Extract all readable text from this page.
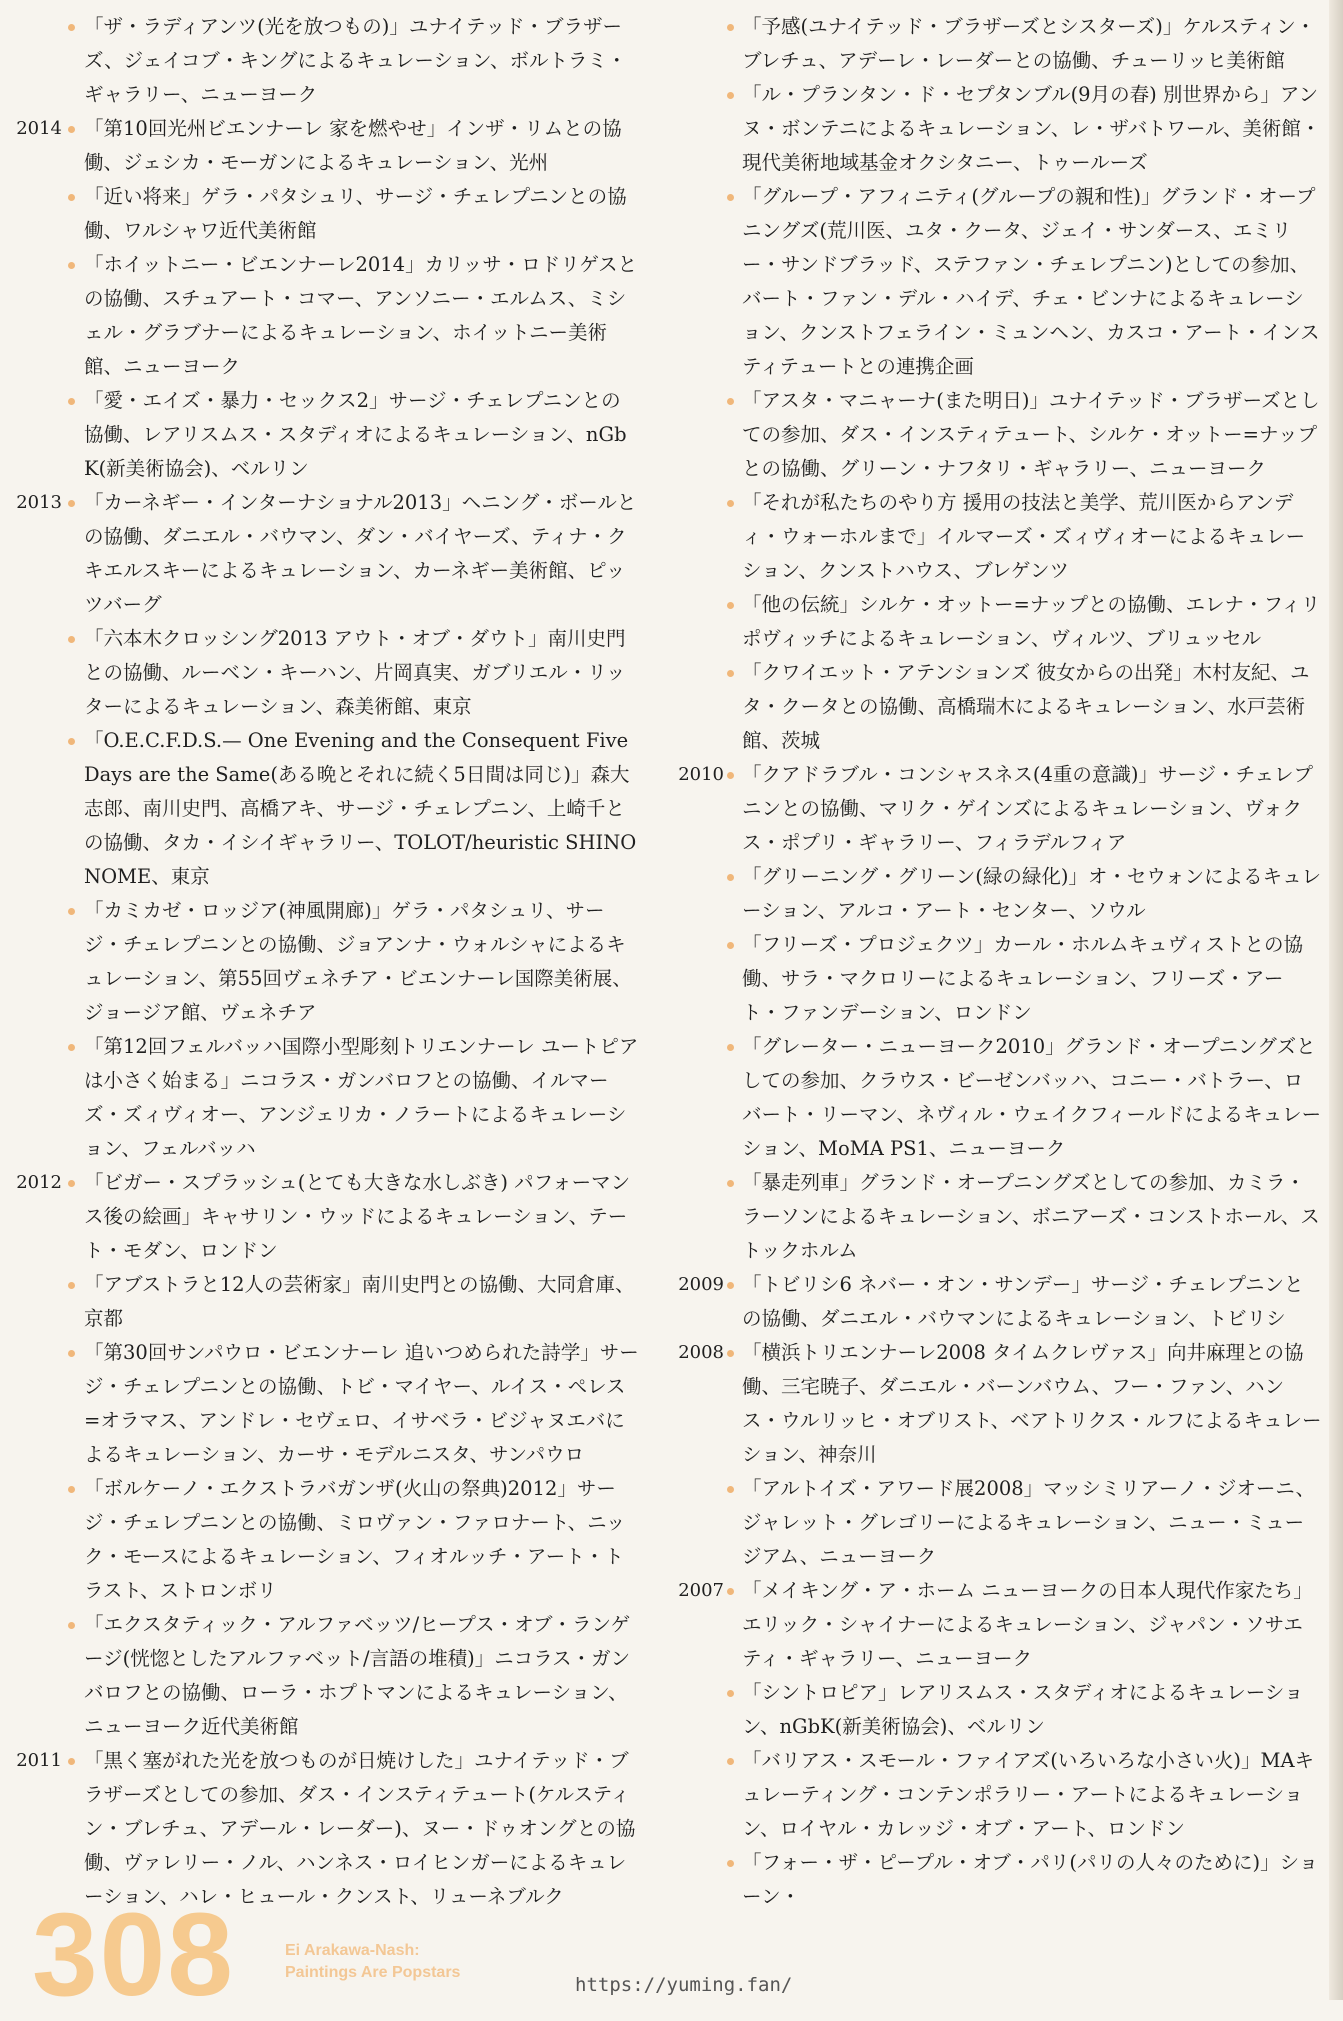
「ザ・ラディアンツ(光を放つもの)」ユナイテッド・ブラザーズ、ジェイコブ・キングによるキュレーション、ボルトラミ・ギャラリー、ニューヨーク
2014 「第10回光州ビエンナーレ 家を燃やせ」インザ・リムとの協働、ジェシカ・モーガンによるキュレーション、光州
「近い将来」ゲラ・パタシュリ、サージ・チェレプニンとの協働、ワルシャワ近代美術館
「ホイットニー・ビエンナーレ2014」カリッサ・ロドリゲスとの協働、スチュアート・コマー、アンソニー・エルムス、ミシェル・グラブナーによるキュレーション、ホイットニー美術館、ニューヨーク
「愛・エイズ・暴力・セックス2」サージ・チェレプニンとの協働、レアリスムス・スタディオによるキュレーション、nGbK(新美術協会)、ベルリン
2013 「カーネギー・インターナショナル2013」ヘニング・ボールとの協働、ダニエル・バウマン、ダン・バイヤーズ、ティナ・クキエルスキーによるキュレーション、カーネギー美術館、ピッツバーグ
「六本木クロッシング2013 アウト・オブ・ダウト」南川史門との協働、ルーベン・キーハン、片岡真実、ガブリエル・リッターによるキュレーション、森美術館、東京
「O.E.C.F.D.S.— One Evening and the Consequent Five Days are the Same(ある晩とそれに続く5日間は同じ)」森大志郎、南川史門、高橋アキ、サージ・チェレプニン、上崎千との協働、タカ・イシイギャラリー、TOLOT/heuristic SHINONOME、東京
「カミカゼ・ロッジア(神風開廊)」ゲラ・パタシュリ、サージ・チェレプニンとの協働、ジョアンナ・ウォルシャによるキュレーション、第55回ヴェネチア・ビエンナーレ国際美術展、ジョージア館、ヴェネチア
「第12回フェルバッハ国際小型彫刻トリエンナーレ ユートピアは小さく始まる」ニコラス・ガンバロフとの協働、イルマーズ・ズィヴィオー、アンジェリカ・ノラートによるキュレーション、フェルバッハ
2012 「ビガー・スプラッシュ(とても大きな水しぶき) パフォーマンス後の絵画」キャサリン・ウッドによるキュレーション、テート・モダン、ロンドン
「アブストラと12人の芸術家」南川史門との協働、大同倉庫、京都
「第30回サンパウロ・ビエンナーレ 追いつめられた詩学」サージ・チェレプニンとの協働、トビ・マイヤー、ルイス・ペレス=オラマス、アンドレ・セヴェロ、イサベラ・ビジャヌエバによるキュレーション、カーサ・モデルニスタ、サンパウロ
「ボルケーノ・エクストラバガンザ(火山の祭典)2012」サージ・チェレプニンとの協働、ミロヴァン・ファロナート、ニック・モースによるキュレーション、フィオルッチ・アート・トラスト、ストロンボリ
「エクスタティック・アルファベッツ/ヒープス・オブ・ランゲージ(恍惚としたアルファベット/言語の堆積)」ニコラス・ガンバロフとの協働、ローラ・ホプトマンによるキュレーション、ニューヨーク近代美術館
2011 「黒く塞がれた光を放つものが日焼けした」ユナイテッド・ブラザーズとしての参加、ダス・インスティテュート(ケルスティン・ブレチュ、アデール・レーダー)、ヌー・ドゥオングとの協働、ヴァレリー・ノル、ハンネス・ロイヒンガーによるキュレーション、ハレ・ヒュール・クンスト、リューネブルク
「予感(ユナイテッド・ブラザーズとシスターズ)」ケルスティン・ブレチュ、アデーレ・レーダーとの協働、チューリッヒ美術館
「ル・プランタン・ド・セプタンブル(9月の春) 別世界から」アンヌ・ボンテニによるキュレーション、レ・ザバトワール、美術館・現代美術地域基金オクシタニー、トゥールーズ
「グループ・アフィニティ(グループの親和性)」グランド・オープニングズ(荒川医、ユタ・クータ、ジェイ・サンダース、エミリー・サンドブラッド、ステファン・チェレプニン)としての参加、バート・ファン・デル・ハイデ、チェ・ビンナによるキュレーション、クンストフェライン・ミュンヘン、カスコ・アート・インスティテュートとの連携企画
「アスタ・マニャーナ(また明日)」ユナイテッド・ブラザーズとしての参加、ダス・インスティテュート、シルケ・オットー=ナップとの協働、グリーン・ナフタリ・ギャラリー、ニューヨーク
「それが私たちのやり方 援用の技法と美学、荒川医からアンディ・ウォーホルまで」イルマーズ・ズィヴィオーによるキュレーション、クンストハウス、ブレゲンツ
「他の伝統」シルケ・オットー=ナップとの協働、エレナ・フィリポヴィッチによるキュレーション、ヴィルツ、ブリュッセル
「クワイエット・アテンションズ 彼女からの出発」木村友紀、ユタ・クータとの協働、高橋瑞木によるキュレーション、水戸芸術館、茨城
2010 「クアドラブル・コンシャスネス(4重の意識)」サージ・チェレプニンとの協働、マリク・ゲインズによるキュレーション、ヴォクス・ポプリ・ギャラリー、フィラデルフィア
「グリーニング・グリーン(緑の緑化)」オ・セウォンによるキュレーション、アルコ・アート・センター、ソウル
「フリーズ・プロジェクツ」カール・ホルムキュヴィストとの協働、サラ・マクロリーによるキュレーション、フリーズ・アート・ファンデーション、ロンドン
「グレーター・ニューヨーク2010」グランド・オープニングズとしての参加、クラウス・ビーゼンバッハ、コニー・バトラー、ロバート・リーマン、ネヴィル・ウェイクフィールドによるキュレーション、MoMA PS1、ニューヨーク
「暴走列車」グランド・オープニングズとしての参加、カミラ・ラーソンによるキュレーション、ボニアーズ・コンストホール、ストックホルム
2009 「トビリシ6 ネバー・オン・サンデー」サージ・チェレプニンとの協働、ダニエル・バウマンによるキュレーション、トビリシ
2008 「横浜トリエンナーレ2008 タイムクレヴァス」向井麻理との協働、三宅暁子、ダニエル・バーンバウム、フー・ファン、ハンス・ウルリッヒ・オブリスト、ベアトリクス・ルフによるキュレーション、神奈川
「アルトイズ・アワード展2008」マッシミリアーノ・ジオーニ、ジャレット・グレゴリーによるキュレーション、ニュー・ミュージアム、ニューヨーク
2007 「メイキング・ア・ホーム ニューヨークの日本人現代作家たち」エリック・シャイナーによるキュレーション、ジャパン・ソサエティ・ギャラリー、ニューヨーク
「シントロピア」レアリスムス・スタディオによるキュレーション、nGbK(新美術協会)、ベルリン
「バリアス・スモール・ファイアズ(いろいろな小さい火)」MAキュレーティング・コンテンポラリー・アートによるキュレーション、ロイヤル・カレッジ・オブ・アート、ロンドン
「フォー・ザ・ピープル・オブ・パリ(パリの人々のために)」ショーン・
308	Ei Arakawa-Nash:
Paintings Are Popstars
https://yuming.fan/
